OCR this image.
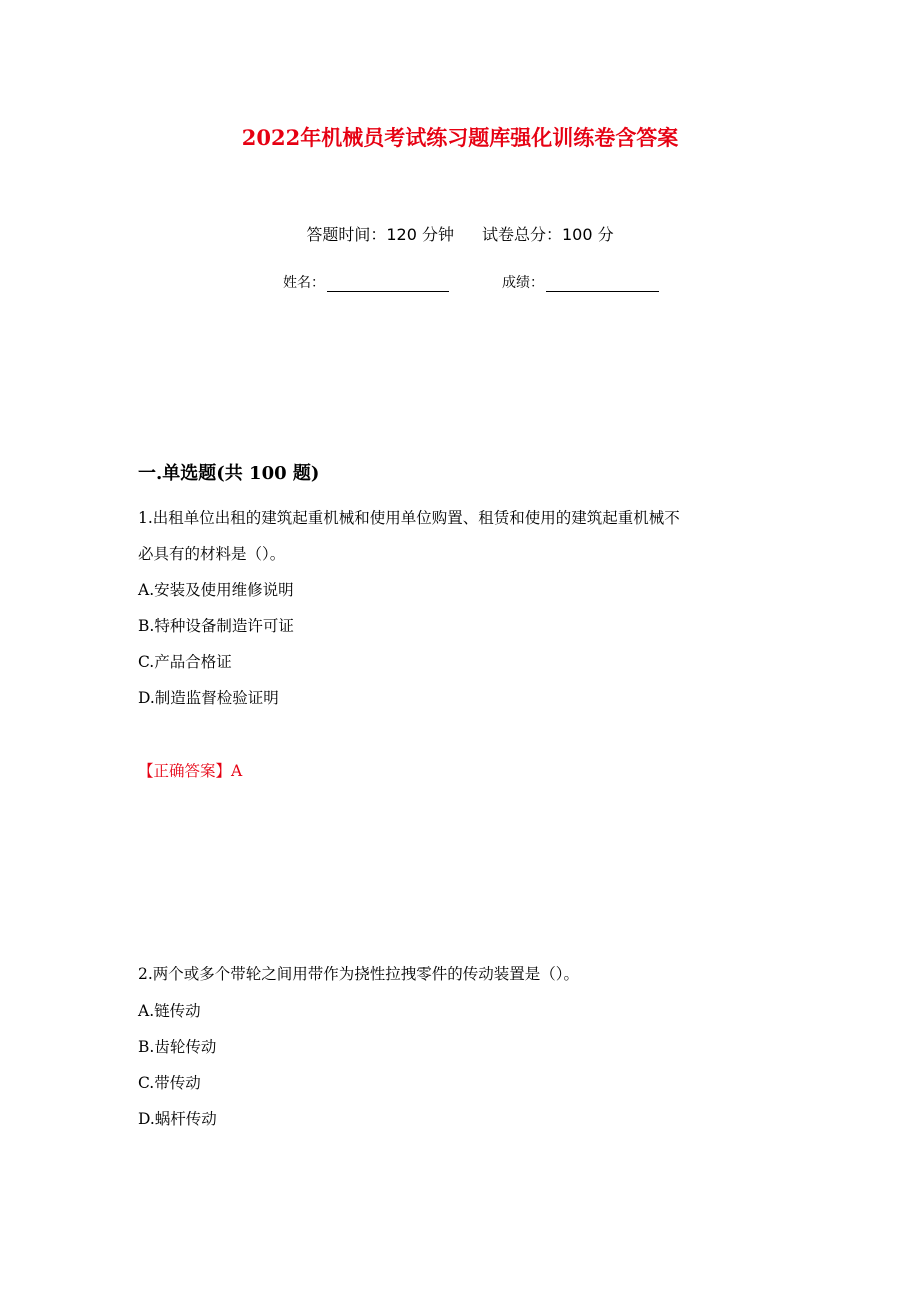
2022年机械员考试练习题库强化训练卷含答案
答题时间：120 分钟 试卷总分：100 分
姓名：	成绩：
一.单选题(共 100 题)
1.出租单位出租的建筑起重机械和使用单位购置、租赁和使用的建筑起重机械不
必具有的材料是（）。
A.安装及使用维修说明
B.特种设备制造许可证
C.产品合格证
D.制造监督检验证明
【正确答案】A
2.两个或多个带轮之间用带作为挠性拉拽零件的传动装置是（）。
A.链传动
B.齿轮传动
C.带传动
D.蜗杆传动
